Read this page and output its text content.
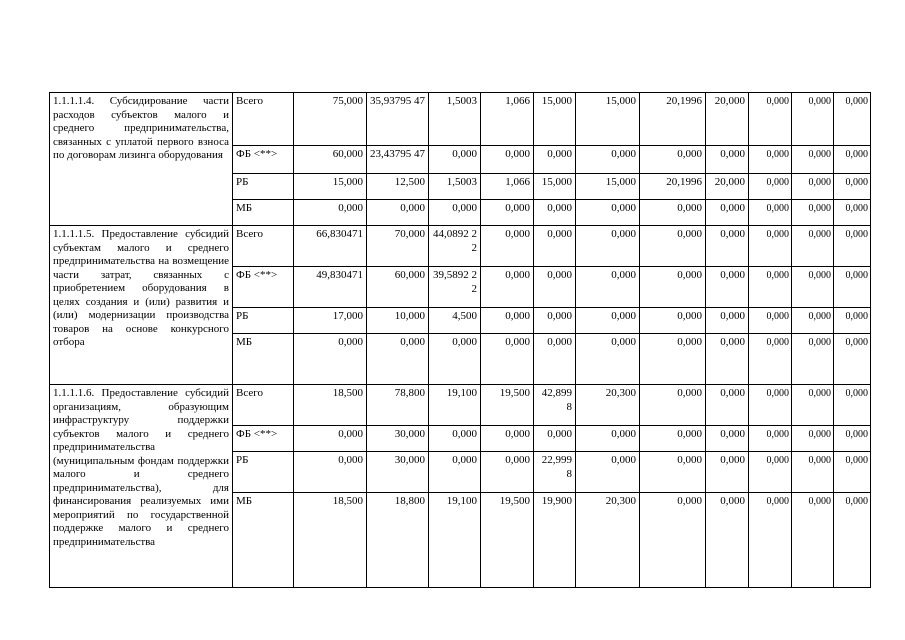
1.1.1.1.4. Субсидирование части расходов субъектов малого и среднего предпринимательства, связанных с уплатой первого взноса по договорам лизинга оборудования	Всего	75,000	35,93795 47	1,5003	1,066	15,000	15,000	20,1996	20,000	0,000	0,000	0,000
	ФБ <**>	60,000	23,43795 47	0,000	0,000	0,000	0,000	0,000	0,000	0,000	0,000	0,000
	РБ	15,000	12,500	1,5003	1,066	15,000	15,000	20,1996	20,000	0,000	0,000	0,000
	МБ	0,000	0,000	0,000	0,000	0,000	0,000	0,000	0,000	0,000	0,000	0,000
1.1.1.1.5. Предоставление субсидий субъектам малого и среднего предпринимательства на возмещение части затрат, связанных с приобретением оборудования в целях создания и (или) развития и (или) модернизации производства товаров на основе конкурсного отбора	Всего	66,830471	70,000	44,0892 22	0,000	0,000	0,000	0,000	0,000	0,000	0,000	0,000
	ФБ <**>	49,830471	60,000	39,5892 22	0,000	0,000	0,000	0,000	0,000	0,000	0,000	0,000
	РБ	17,000	10,000	4,500	0,000	0,000	0,000	0,000	0,000	0,000	0,000	0,000
	МБ	0,000	0,000	0,000	0,000	0,000	0,000	0,000	0,000	0,000	0,000	0,000
1.1.1.1.6. Предоставление субсидий организациям, образующим инфраструктуру поддержки субъектов малого и среднего предпринимательства (муниципальным фондам поддержки малого и среднего предпринимательства), для финансирования реализуемых ими мероприятий по государственной поддержке малого и среднего предпринимательства	Всего	18,500	78,800	19,100	19,500	42,899 8	20,300	0,000	0,000	0,000	0,000	0,000
	ФБ <**>	0,000	30,000	0,000	0,000	0,000	0,000	0,000	0,000	0,000	0,000	0,000
	РБ	0,000	30,000	0,000	0,000	22,999 8	0,000	0,000	0,000	0,000	0,000	0,000
	МБ	18,500	18,800	19,100	19,500	19,900	20,300	0,000	0,000	0,000	0,000	0,000
